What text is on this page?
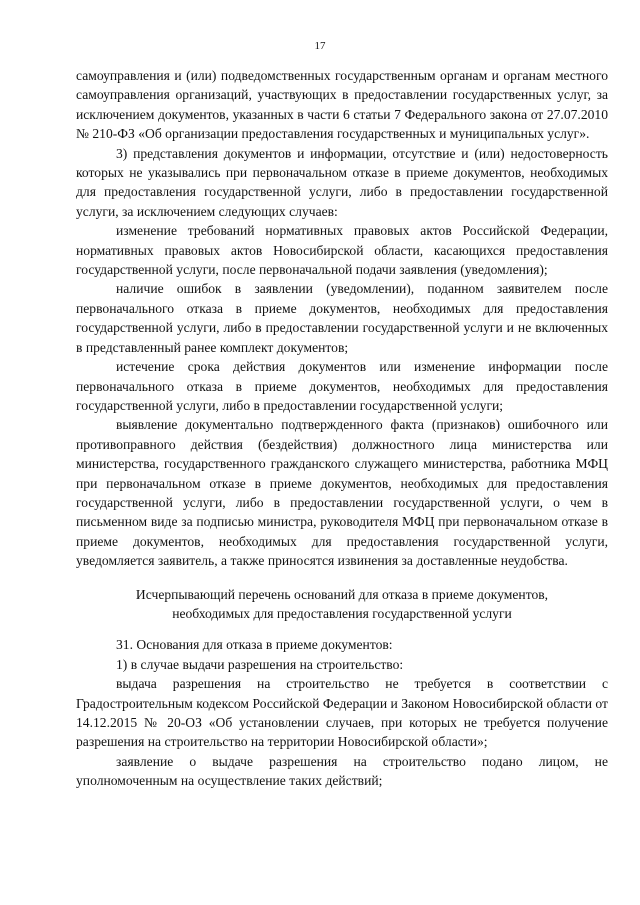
17

самоуправления и (или) подведомственных государственным органам и органам местного самоуправления организаций, участвующих в предоставлении государственных услуг, за исключением документов, указанных в части 6 статьи 7 Федерального закона от 27.07.2010 № 210-ФЗ «Об организации предоставления государственных и муниципальных услуг».

3) представления документов и информации, отсутствие и (или) недостоверность которых не указывались при первоначальном отказе в приеме документов, необходимых для предоставления государственной услуги, либо в предоставлении государственной услуги, за исключением следующих случаев:

изменение требований нормативных правовых актов Российской Федерации, нормативных правовых актов Новосибирской области, касающихся предоставления государственной услуги, после первоначальной подачи заявления (уведомления);

наличие ошибок в заявлении (уведомлении), поданном заявителем после первоначального отказа в приеме документов, необходимых для предоставления государственной услуги, либо в предоставлении государственной услуги и не включенных в представленный ранее комплект документов;

истечение срока действия документов или изменение информации после первоначального отказа в приеме документов, необходимых для предоставления государственной услуги, либо в предоставлении государственной услуги;

выявление документально подтвержденного факта (признаков) ошибочного или противоправного действия (бездействия) должностного лица министерства или министерства, государственного гражданского служащего министерства, работника МФЦ при первоначальном отказе в приеме документов, необходимых для предоставления государственной услуги, либо в предоставлении государственной услуги, о чем в письменном виде за подписью министра, руководителя МФЦ при первоначальном отказе в приеме документов, необходимых для предоставления государственной услуги, уведомляется заявитель, а также приносятся извинения за доставленные неудобства.

Исчерпывающий перечень оснований для отказа в приеме документов,
необходимых для предоставления государственной услуги

31. Основания для отказа в приеме документов:

1) в случае выдачи разрешения на строительство:

выдача разрешения на строительство не требуется в соответствии с Градостроительным кодексом Российской Федерации и Законом Новосибирской области от 14.12.2015 № 20-ОЗ «Об установлении случаев, при которых не требуется получение разрешения на строительство на территории Новосибирской области»;

заявление о выдаче разрешения на строительство подано лицом, не уполномоченным на осуществление таких действий;
